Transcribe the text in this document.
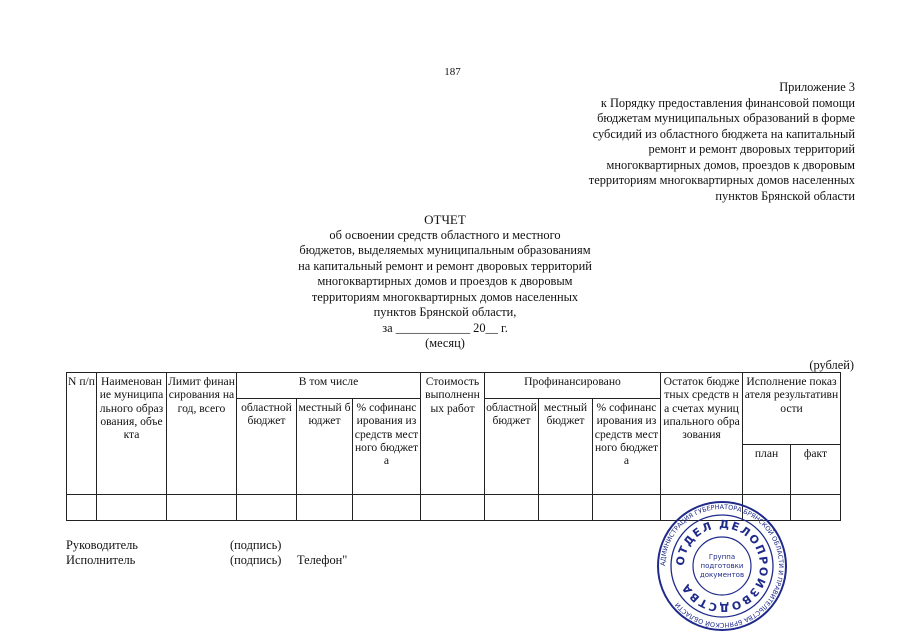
187
Приложение 3
к Порядку предоставления финансовой помощи
бюджетам муниципальных образований в форме
субсидий из областного бюджета на капитальный
ремонт и ремонт дворовых территорий
многоквартирных домов, проездов к дворовым
территориям многоквартирных домов населенных
пунктов Брянской области
ОТЧЕТ
об освоении средств областного и местного
бюджетов, выделяемых муниципальным образованиям
на капитальный ремонт и ремонт дворовых территорий
многоквартирных домов и проездов к дворовым
территориям многоквартирных домов населенных
пунктов Брянской области,
за ____________ 20__ г.
(месяц)
(рублей)
N п/п	Наименование муниципального образования, объекта	Лимит финансирования на год, всего	В том числе			Стоимость выполненных работ	Профинансировано			Остаток бюджетных средств на счетах муниципального образования	Исполнение показателя результативности	
			областной бюджет	местный бюджет	% софинансирования из средств местного бюджета		областной бюджет	местный бюджет	% софинансирования из средств местного бюджета			
											план	факт

Руководитель	(подпись)
Исполнитель	(подпись) Телефон"	АДМИНИСТРАЦИЯ ГУБЕРНАТОРА БРЯНСКОЙ ОБЛАСТИ И ПРАВИТЕЛЬСТВА БРЯНСКОЙ ОБЛАСТИ
ОТДЕЛ ДЕЛОПРОИЗВОДСТВА
Группа
подготовки
документов
